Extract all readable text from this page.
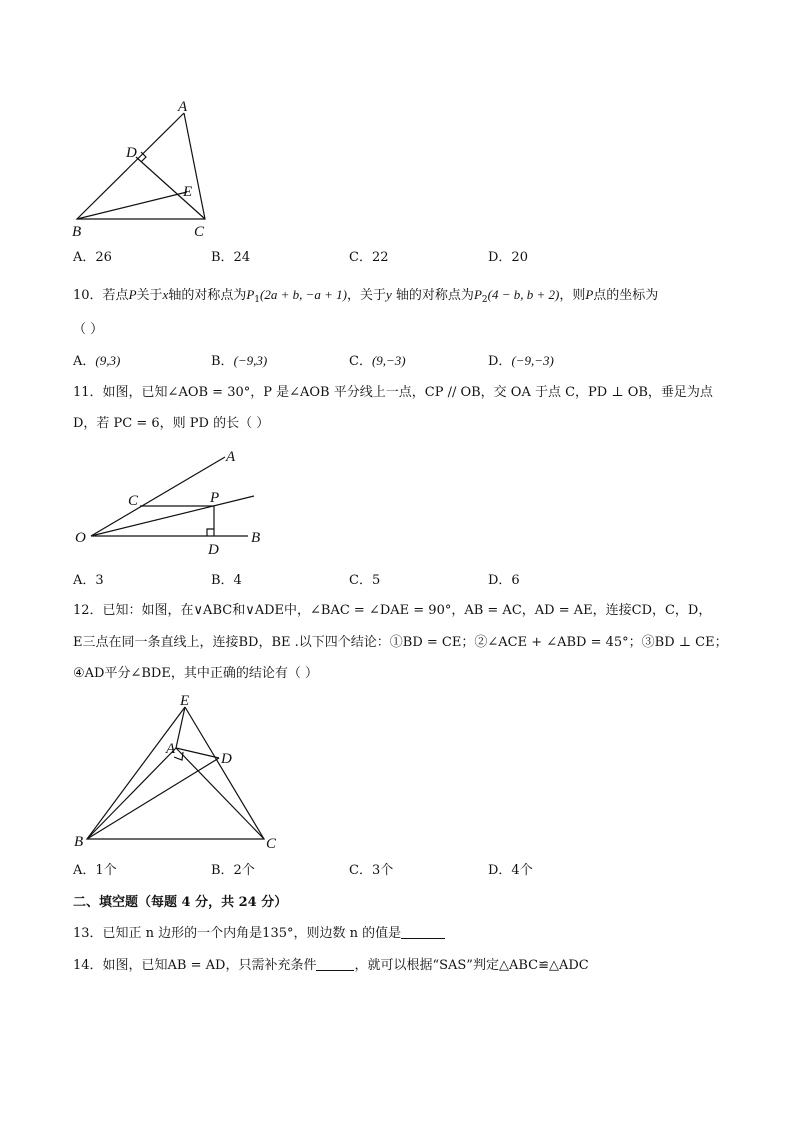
A
D
E
B	C
A．26	B．24	C．22	D．20
10．若点P关于x轴的对称点为$P_1(2a + b$, −a + 1)，关于y 轴的对称点为$P_2(4 - b$, b + 2)，则P点的坐标为
（ ）
A．(9,3)	B．(−9,3)	C．(9,−3)	D．(−9,−3)
11．如图，已知∠AOB = 30°，P 是∠AOB 平分线上一点，CP // OB，交 OA 于点 C，PD ⊥ OB，垂足为点
D，若 PC = 6，则 PD 的长（ ）
A
C	P
O
D
B
A．3	B．4	C．5	D．6
12．已知：如图，在∨ABC和∨ADE中，∠BAC = ∠DAE = 90°，AB = AC，AD = AE，连接CD，C，D，
E三点在同一条直线上，连接BD，BE .以下四个结论：①BD = CE；②∠ACE + ∠ABD = 45°；③BD ⊥ CE；
④AD平分∠BDE，其中正确的结论有（ ）
E
A
D
B	C
A．1个	B．2个	C．3个	D．4个
二、填空题（每题 4 分，共 24 分）
13．已知正 n 边形的一个内角是135°，则边数 n 的值是
14．如图，已知AB = AD，只需补充条件	，就可以根据“SAS”判定△ABC≌△ADC
